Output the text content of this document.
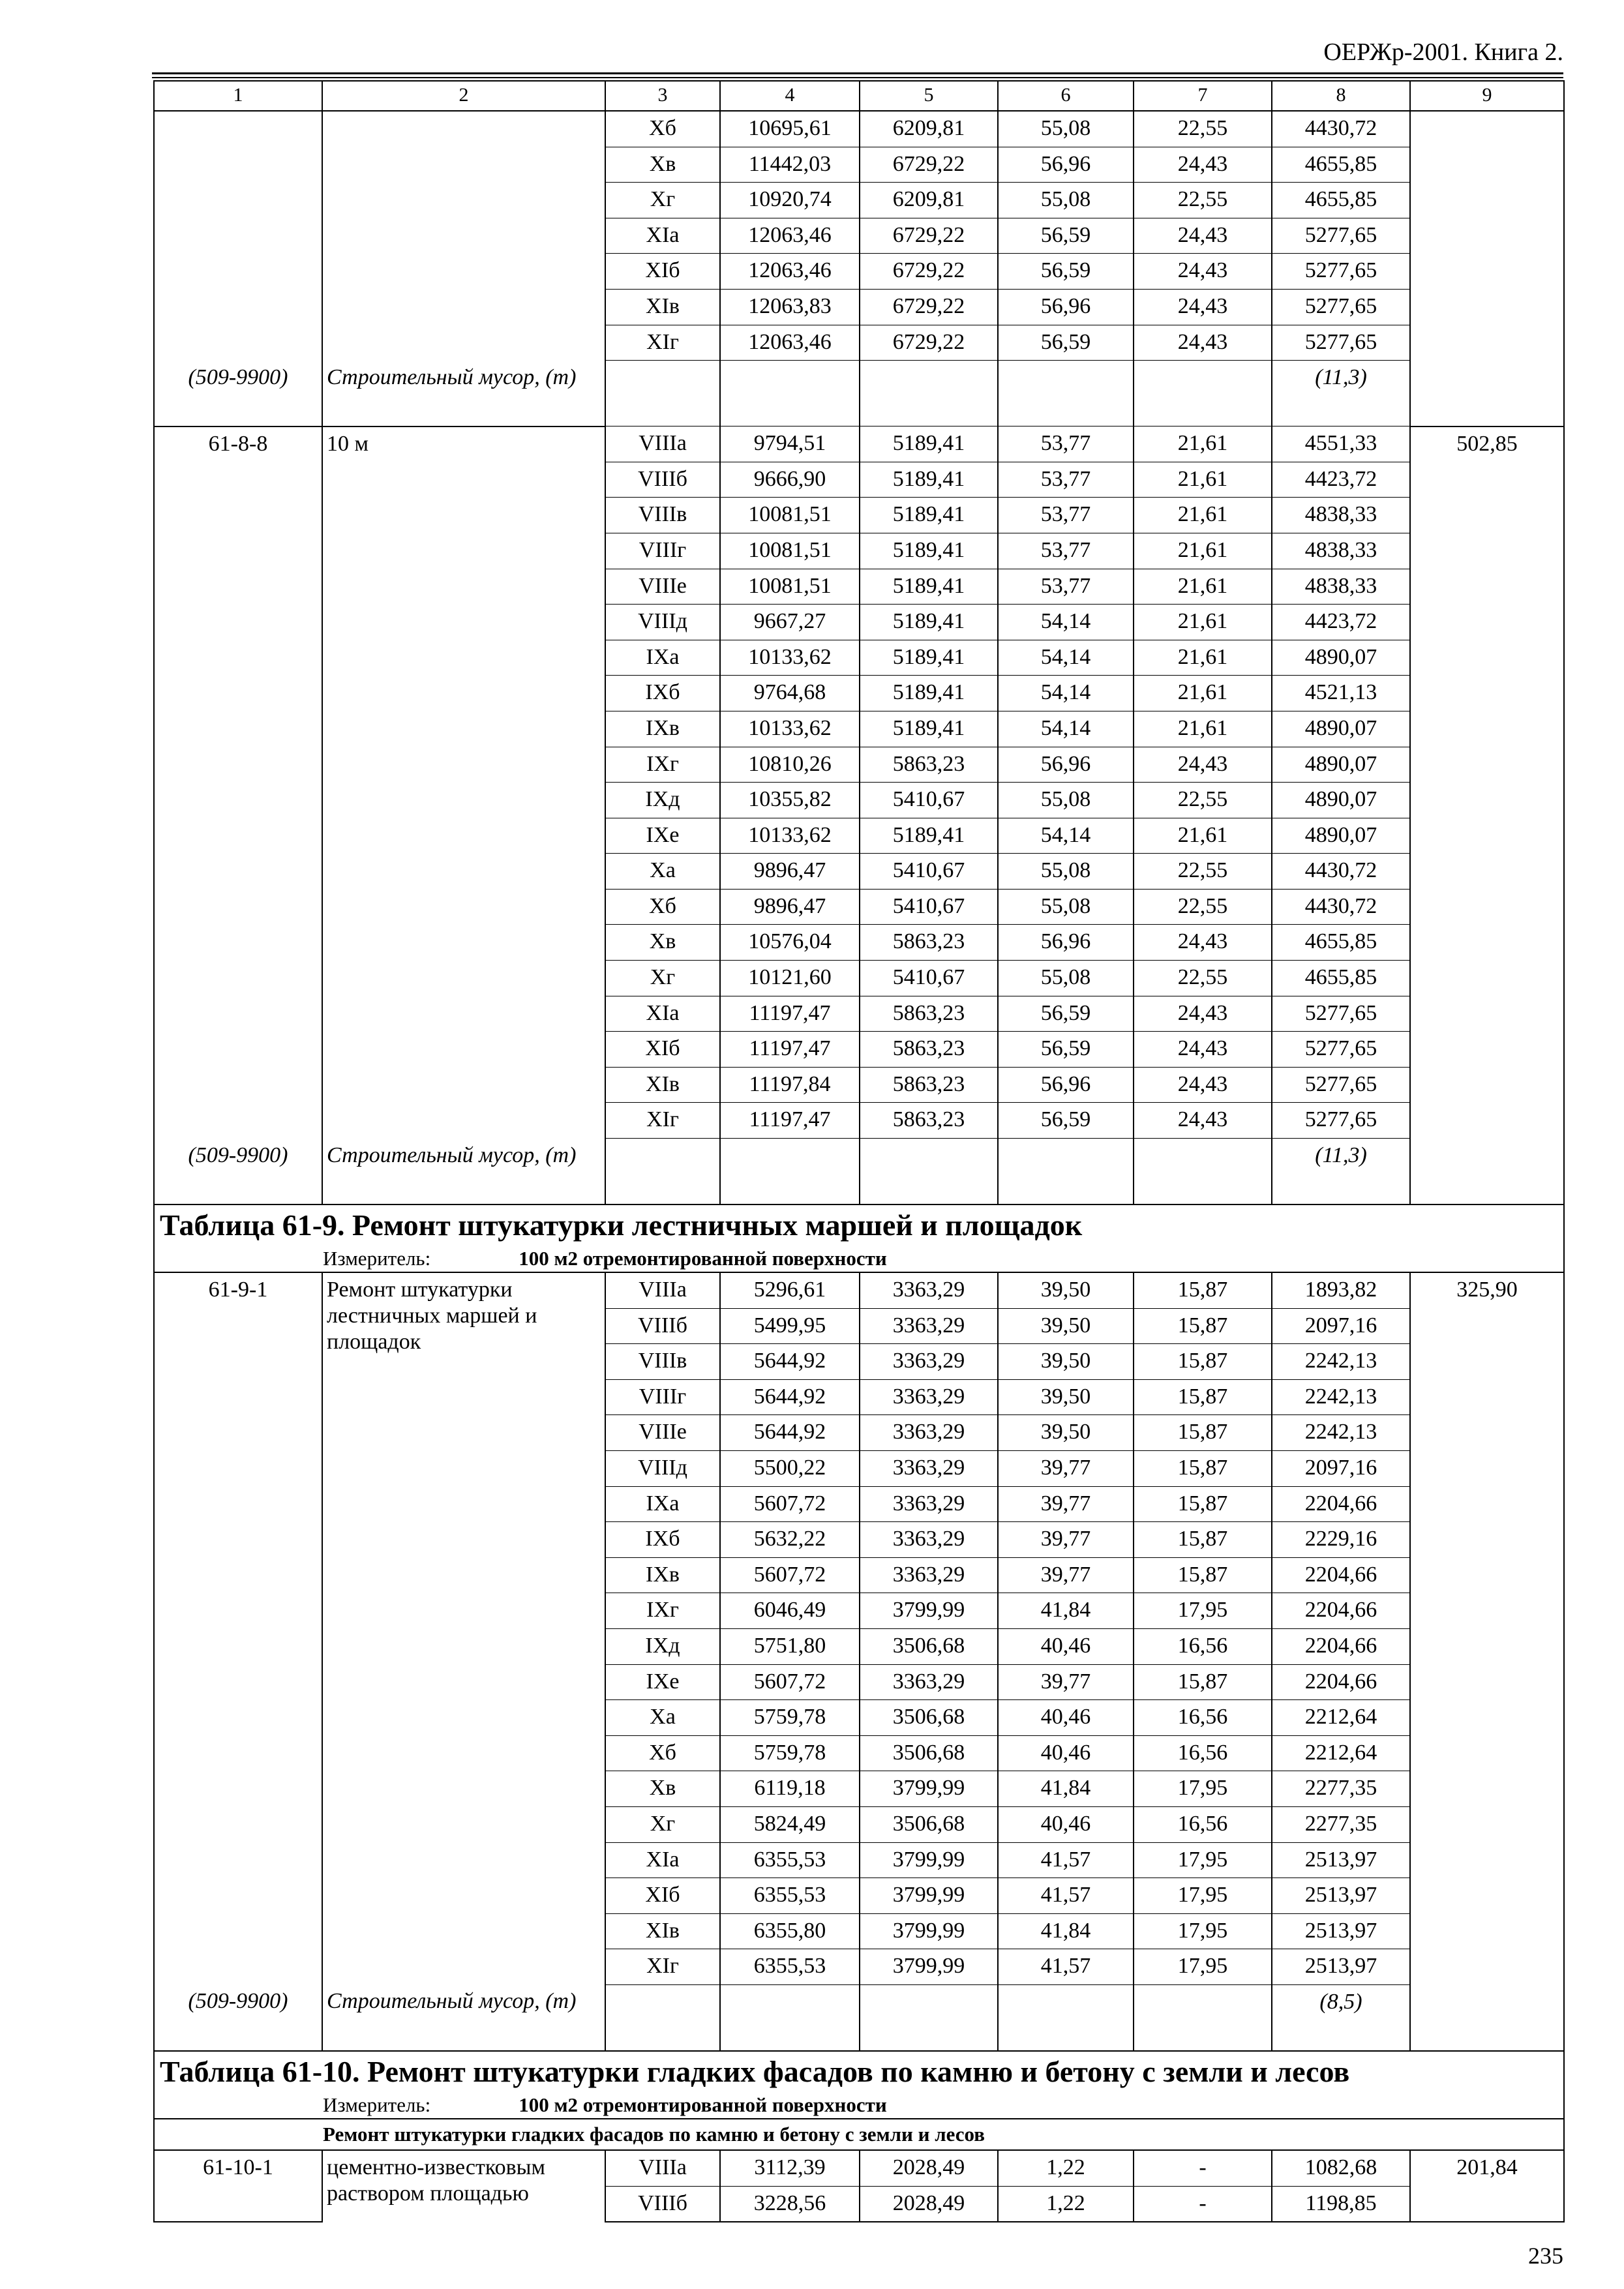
ОЕРЖр-2001. Книга 2.
1	2	3	4	5	6	7	8	9
		Xб	10695,61	6209,81	55,08	22,55	4430,72	
		Xв	11442,03	6729,22	56,96	24,43	4655,85	
		Xг	10920,74	6209,81	55,08	22,55	4655,85	
		XIа	12063,46	6729,22	56,59	24,43	5277,65	
		XIб	12063,46	6729,22	56,59	24,43	5277,65	
		XIв	12063,83	6729,22	56,96	24,43	5277,65	
		XIг	12063,46	6729,22	56,59	24,43	5277,65	
(509-9900)	Строительный мусор, (т)						(11,3)	
61-8-8	10 м	VIIIа	9794,51	5189,41	53,77	21,61	4551,33	502,85
		VIIIб	9666,90	5189,41	53,77	21,61	4423,72	
		VIIIв	10081,51	5189,41	53,77	21,61	4838,33	
		VIIIг	10081,51	5189,41	53,77	21,61	4838,33	
		VIIIе	10081,51	5189,41	53,77	21,61	4838,33	
		VIIIд	9667,27	5189,41	54,14	21,61	4423,72	
		IXа	10133,62	5189,41	54,14	21,61	4890,07	
		IXб	9764,68	5189,41	54,14	21,61	4521,13	
		IXв	10133,62	5189,41	54,14	21,61	4890,07	
		IXг	10810,26	5863,23	56,96	24,43	4890,07	
		IXд	10355,82	5410,67	55,08	22,55	4890,07	
		IXе	10133,62	5189,41	54,14	21,61	4890,07	
		Xа	9896,47	5410,67	55,08	22,55	4430,72	
		Xб	9896,47	5410,67	55,08	22,55	4430,72	
		Xв	10576,04	5863,23	56,96	24,43	4655,85	
		Xг	10121,60	5410,67	55,08	22,55	4655,85	
		XIа	11197,47	5863,23	56,59	24,43	5277,65	
		XIб	11197,47	5863,23	56,59	24,43	5277,65	
		XIв	11197,84	5863,23	56,96	24,43	5277,65	
		XIг	11197,47	5863,23	56,59	24,43	5277,65	
(509-9900)	Строительный мусор, (т)						(11,3)	
Таблица 61-9. Ремонт штукатурки лестничных маршей и площадок								
Измеритель: 100 м2 отремонтированной поверхности								
61-9-1	Ремонт штукатурки лестничных маршей и площадок	VIIIа	5296,61	3363,29	39,50	15,87	1893,82	325,90
		VIIIб	5499,95	3363,29	39,50	15,87	2097,16	
		VIIIв	5644,92	3363,29	39,50	15,87	2242,13	
		VIIIг	5644,92	3363,29	39,50	15,87	2242,13	
		VIIIе	5644,92	3363,29	39,50	15,87	2242,13	
		VIIIд	5500,22	3363,29	39,77	15,87	2097,16	
		IXа	5607,72	3363,29	39,77	15,87	2204,66	
		IXб	5632,22	3363,29	39,77	15,87	2229,16	
		IXв	5607,72	3363,29	39,77	15,87	2204,66	
		IXг	6046,49	3799,99	41,84	17,95	2204,66	
		IXд	5751,80	3506,68	40,46	16,56	2204,66	
		IXе	5607,72	3363,29	39,77	15,87	2204,66	
		Xа	5759,78	3506,68	40,46	16,56	2212,64	
		Xб	5759,78	3506,68	40,46	16,56	2212,64	
		Xв	6119,18	3799,99	41,84	17,95	2277,35	
		Xг	5824,49	3506,68	40,46	16,56	2277,35	
		XIа	6355,53	3799,99	41,57	17,95	2513,97	
		XIб	6355,53	3799,99	41,57	17,95	2513,97	
		XIв	6355,80	3799,99	41,84	17,95	2513,97	
		XIг	6355,53	3799,99	41,57	17,95	2513,97	
(509-9900)	Строительный мусор, (т)						(8,5)	
Таблица 61-10. Ремонт штукатурки гладких фасадов по камню и бетону с земли и лесов								
Измеритель: 100 м2 отремонтированной поверхности								
Ремонт штукатурки гладких фасадов по камню и бетону с земли и лесов								
61-10-1	цементно-известковым раствором площадью	VIIIа	3112,39	2028,49	1,22	-	1082,68	201,84
		VIIIб	3228,56	2028,49	1,22	-	1198,85	
235
